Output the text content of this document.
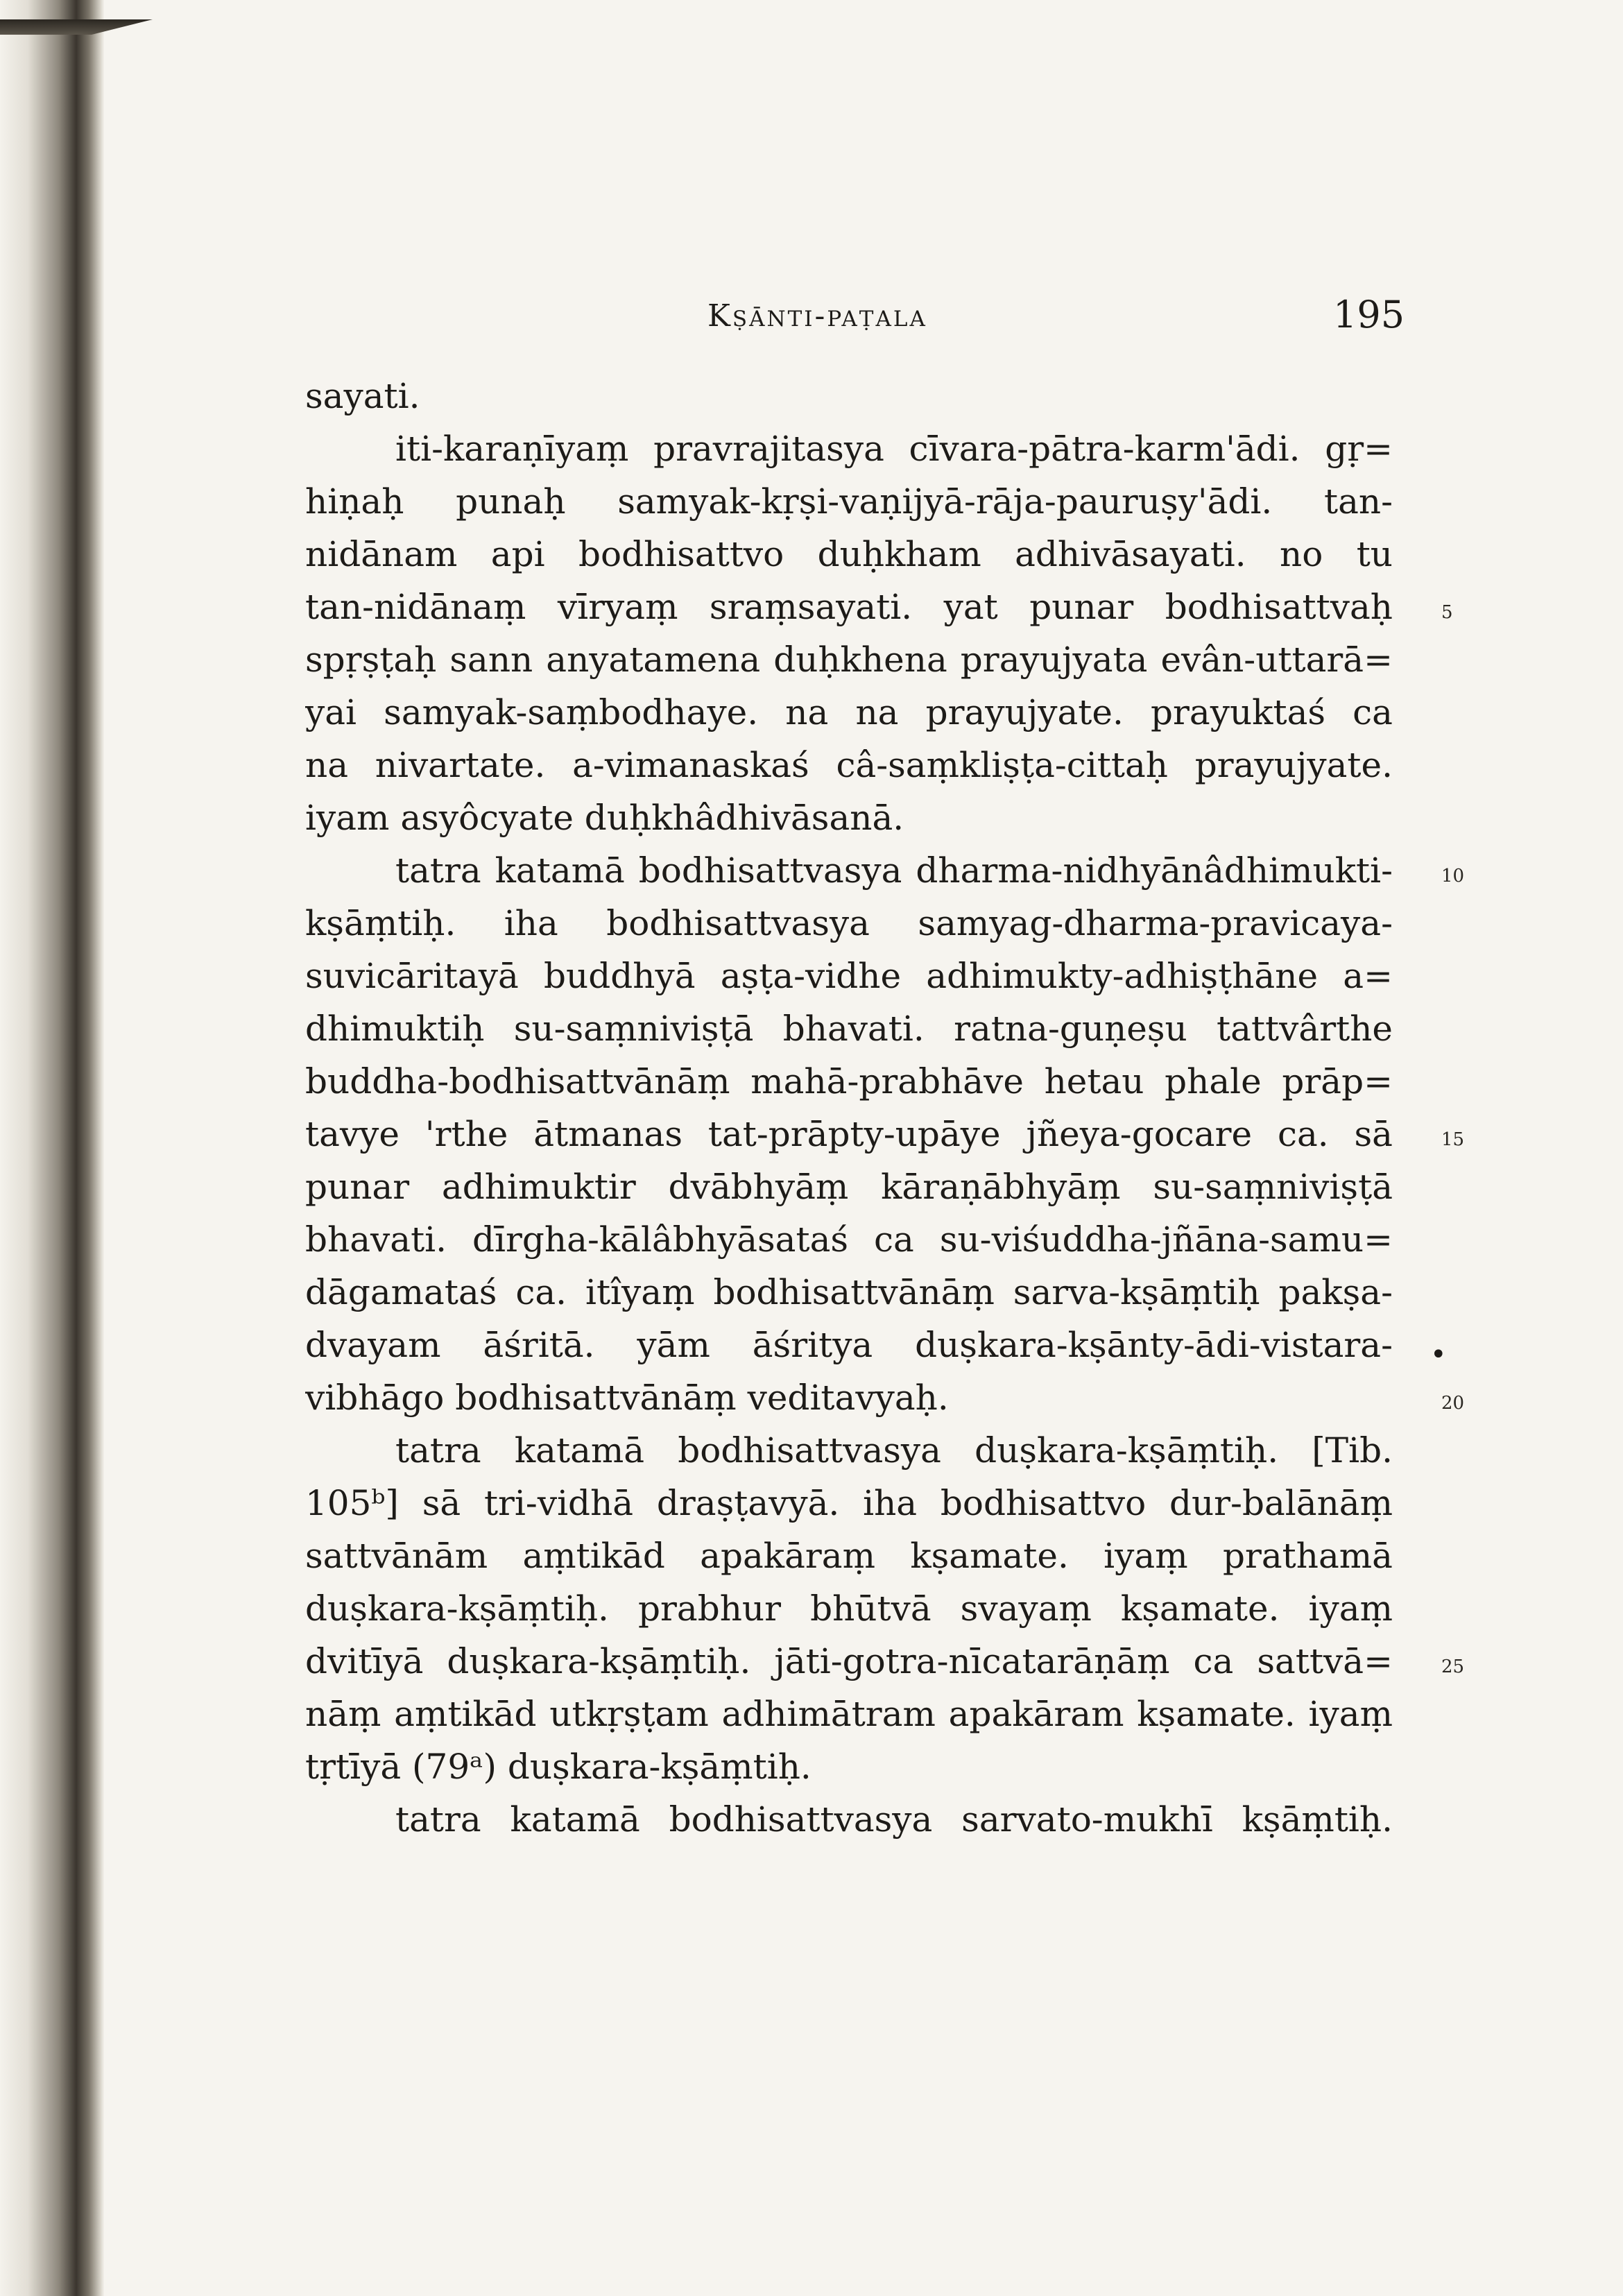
Kṣānti-paṭala	195
sayati.
iti-karaṇīyaṃ pravrajitasya cīvara-pātra-karm'ādi. gṛ=
hiṇaḥ punaḥ samyak-kṛṣi-vaṇijyā-rāja-pauruṣy'ādi. tan-
nidānam api bodhisattvo duḥkham adhivāsayati. no tu
tan-nidānaṃ vīryaṃ sraṃsayati. yat punar bodhisattvaḥ
spṛṣṭaḥ sann anyatamena duḥkhena prayujyata evân-uttarā=
yai samyak-saṃbodhaye. na na prayujyate. prayuktaś ca
na nivartate. a-vimanaskaś câ-saṃkliṣṭa-cittaḥ prayujyate.
iyam asyôcyate duḥkhâdhivāsanā.
tatra katamā bodhisattvasya dharma-nidhyānâdhimukti-
kṣāṃtiḥ. iha bodhisattvasya samyag-dharma-pravicaya-
suvicāritayā buddhyā aṣṭa-vidhe adhimukty-adhiṣṭhāne a=
dhimuktiḥ su-saṃniviṣṭā bhavati. ratna-guṇeṣu tattvârthe
buddha-bodhisattvānāṃ mahā-prabhāve hetau phale prāp=
tavye 'rthe ātmanas tat-prāpty-upāye jñeya-gocare ca. sā
punar adhimuktir dvābhyāṃ kāraṇābhyāṃ su-saṃniviṣṭā
bhavati. dīrgha-kālâbhyāsataś ca su-viśuddha-jñāna-samu=
dāgamataś ca. itîyaṃ bodhisattvānāṃ sarva-kṣāṃtiḥ pakṣa-
dvayam āśritā. yām āśritya duṣkara-kṣānty-ādi-vistara-
vibhāgo bodhisattvānāṃ veditavyaḥ.
tatra katamā bodhisattvasya duṣkara-kṣāṃtiḥ. [Tib.
105ᵇ] sā tri-vidhā draṣṭavyā. iha bodhisattvo dur-balānāṃ
sattvānām aṃtikād apakāraṃ kṣamate. iyaṃ prathamā
duṣkara-kṣāṃtiḥ. prabhur bhūtvā svayaṃ kṣamate. iyaṃ
dvitīyā duṣkara-kṣāṃtiḥ. jāti-gotra-nīcatarāṇāṃ ca sattvā=
nāṃ aṃtikād utkṛṣṭam adhimātram apakāram kṣamate. iyaṃ
tṛtīyā (79ᵃ) duṣkara-kṣāṃtiḥ.
tatra katamā bodhisattvasya sarvato-mukhī kṣāṃtiḥ.
5
10
15
20
25
•
